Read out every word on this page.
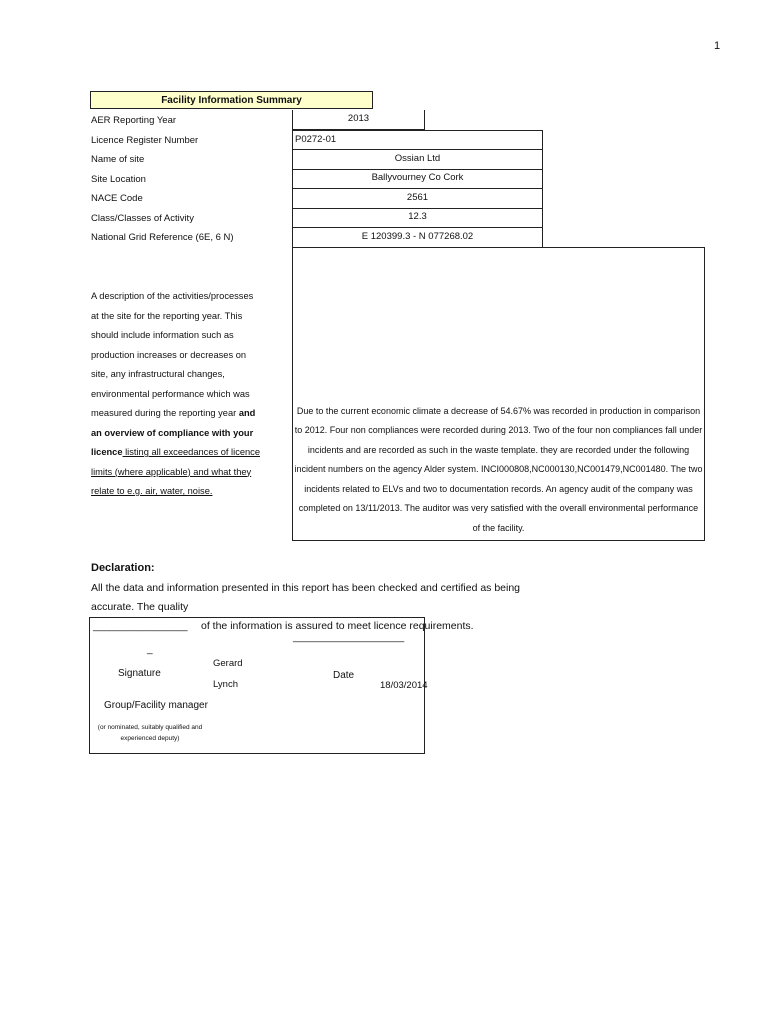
1
Facility Information Summary
AER Reporting Year	2013
Licence Register Number	P0272-01
Name of site	Ossian Ltd
Site Location	Ballyvourney Co Cork
NACE Code	2561
Class/Classes of Activity	12.3
National Grid Reference (6E, 6 N)	E 120399.3 - N 077268.02
A description of the activities/processes at the site for the reporting year. This should include information such as production increases or decreases on site, any infrastructural changes, environmental performance which was measured during the reporting year and an overview of compliance with your licence listing all exceedances of licence limits (where applicable) and what they relate to e.g. air, water, noise.
Due to the current economic climate a decrease of 54.67% was recorded in production in comparison to 2012. Four non compliances were recorded during 2013. Two of the four non compliances fall under incidents and are recorded as such in the waste template. they are recorded under the following incident numbers on the agency Alder system. INCI000808,NC000130,NC001479,NC001480. The two incidents related to ELVs and two to documentation records. An agency audit of the company was completed on 13/11/2013. The auditor was very satisfied with the overall environmental performance of the facility.
Declaration:
All the data and information presented in this report has been checked and certified as being accurate. The quality
of the information is assured to meet licence requirements.
_________________
_
Signature
Gerard
Lynch
____________________
Date
18/03/2014
Group/Facility manager
(or nominated, suitably qualified and
experienced deputy)
